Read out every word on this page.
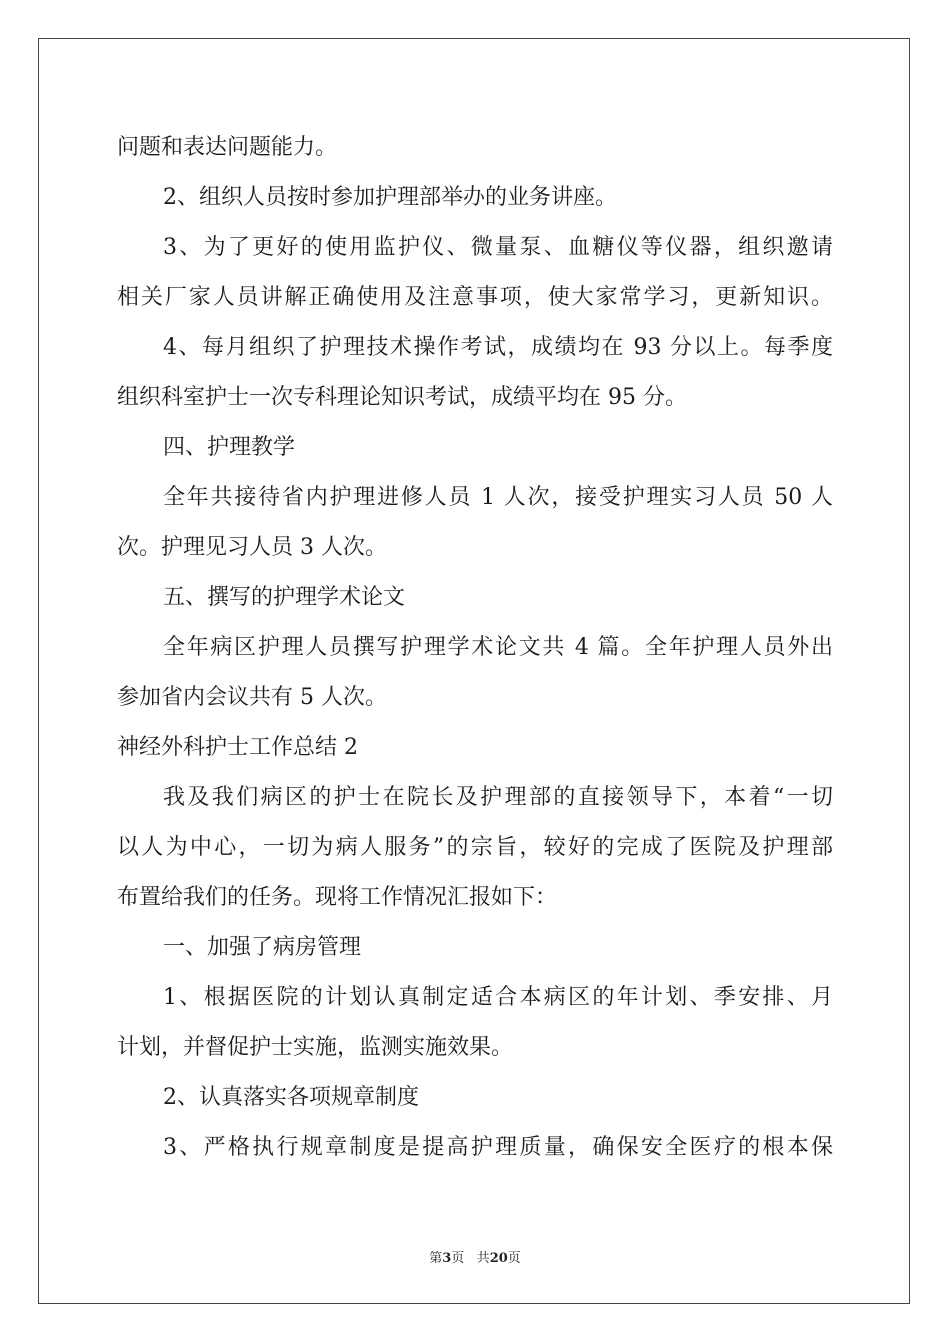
问题和表达问题能力。
2、组织人员按时参加护理部举办的业务讲座。
3、为了更好的使用监护仪、微量泵、血糖仪等仪器，组织邀请
相关厂家人员讲解正确使用及注意事项，使大家常学习，更新知识。
4、每月组织了护理技术操作考试，成绩均在 93 分以上。每季度
组织科室护士一次专科理论知识考试，成绩平均在 95 分。
四、护理教学
全年共接待省内护理进修人员 1 人次，接受护理实习人员 50 人
次。护理见习人员 3 人次。
五、撰写的护理学术论文
全年病区护理人员撰写护理学术论文共 4 篇。全年护理人员外出
参加省内会议共有 5 人次。
神经外科护士工作总结 2
我及我们病区的护士在院长及护理部的直接领导下，本着“一切
以人为中心，一切为病人服务”的宗旨，较好的完成了医院及护理部
布置给我们的任务。现将工作情况汇报如下：
一、加强了病房管理
1、根据医院的计划认真制定适合本病区的年计划、季安排、月
计划，并督促护士实施，监测实施效果。
2、认真落实各项规章制度
3、严格执行规章制度是提高护理质量，确保安全医疗的根本保
第3页 共20页
